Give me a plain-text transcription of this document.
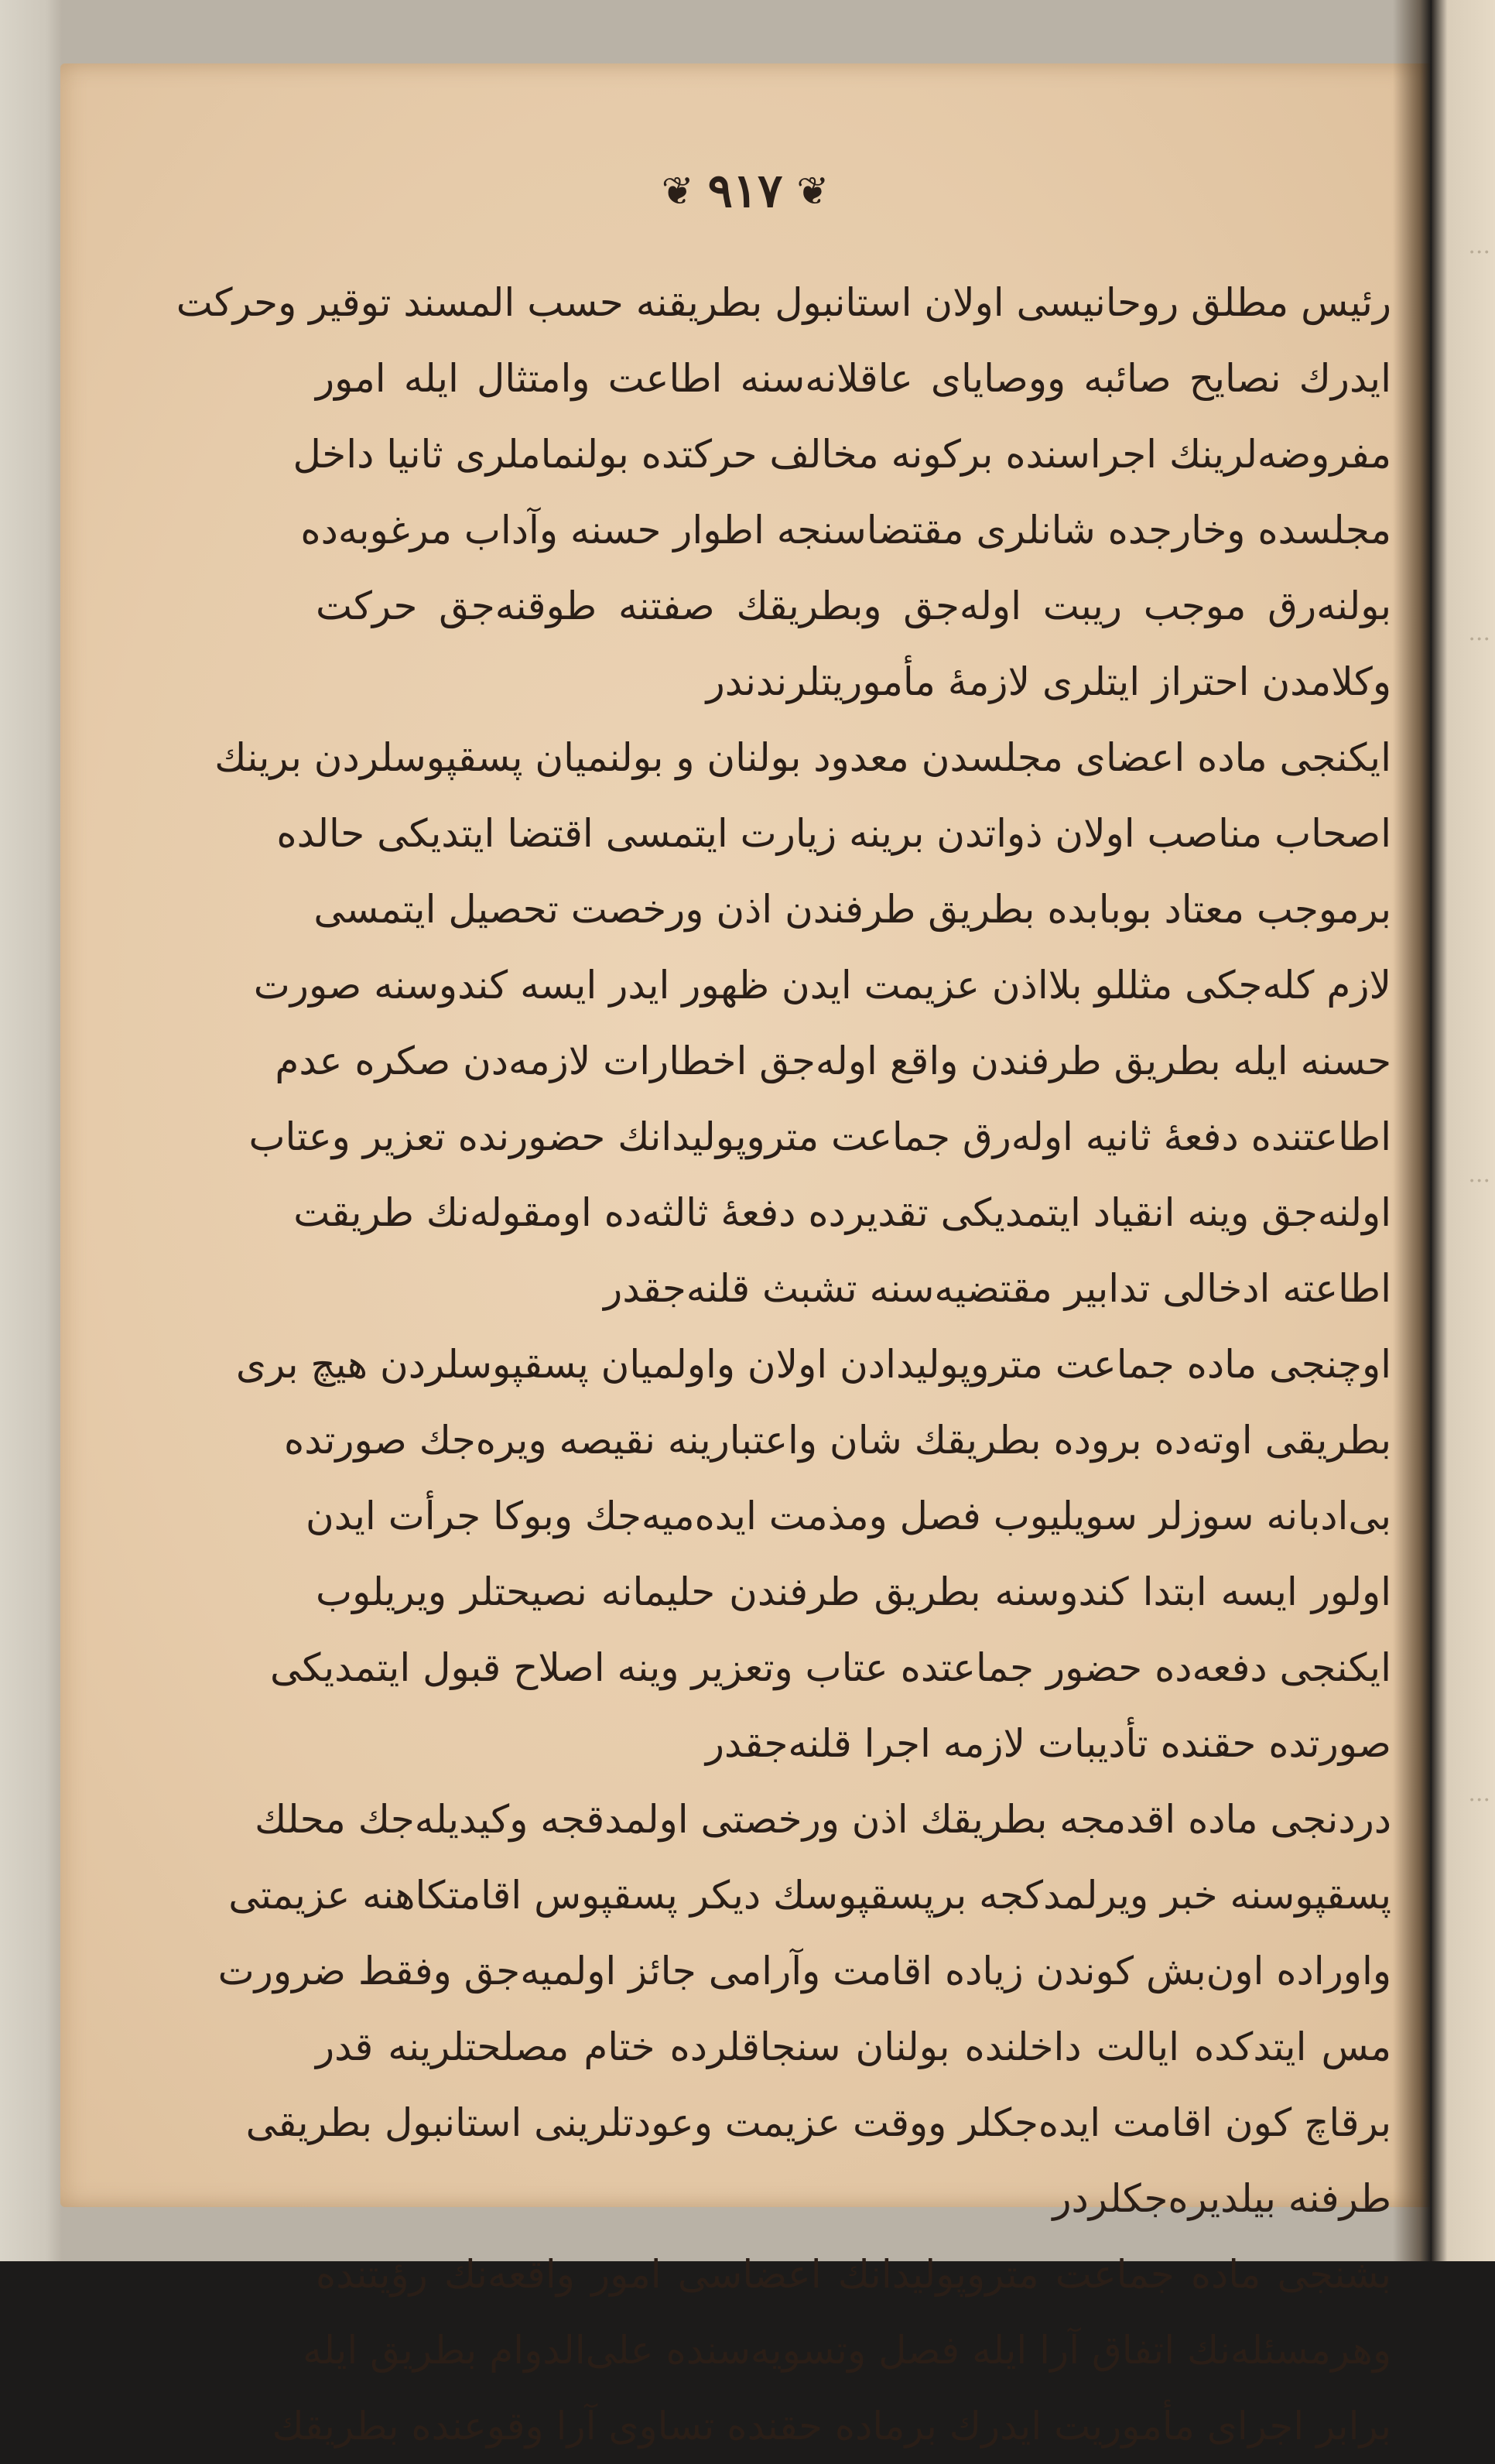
❦ ٩١٧ ❦
رئیس مطلق روحانیسی اولان استانبول بطریقنه حسب المسند توقیر وحرکت
ایدرك نصایح صائبه ووصایای عاقلانه‌سنه اطاعت وامتثال ایله امور
مفروضه‌لرینك اجراسنده برکونه مخالف حرکتده بولنماملری ثانیا داخل
مجلسده وخارجده شانلری مقتضاسنجه اطوار حسنه وآداب مرغوبه‌ده
بولنه‌رق موجب ریبت اوله‌جق وبطریقك صفتنه طوقنه‌جق حرکت
وکلامدن احتراز ایتلری لازمهٔ مأموریتلرندندر
ایکنجی ماده اعضای مجلسدن معدود بولنان و بولنمیان پسقپوسلردن برینك
اصحاب مناصب اولان ذواتدن برینه زیارت ایتمسی اقتضا ایتدیکی حالده
برموجب معتاد بوبابده بطریق طرفندن اذن ورخصت تحصیل ایتمسی
لازم کله‌جکی مثللو بلااذن عزیمت ایدن ظهور ایدر ایسه کندوسنه صورت
حسنه ایله بطریق طرفندن واقع اوله‌جق اخطارات لازمه‌دن صکره عدم
اطاعتنده دفعهٔ ثانیه اوله‌رق جماعت متروپولیدانك حضورنده تعزیر وعتاب
اولنه‌جق وینه انقیاد ایتمدیکی تقدیرده دفعهٔ ثالثه‌ده اومقوله‌نك طریقت
اطاعته ادخالی تدابیر مقتضیه‌سنه تشبث قلنه‌جقدر
اوچنجی ماده جماعت متروپولیدادن اولان واولمیان پسقپوسلردن هیچ بری
بطریقی اوته‌ده بروده بطریقك شان واعتبارینه نقیصه ویره‌جك صورتده
بی‌ادبانه سوزلر سویلیوب فصل ومذمت ایده‌میه‌جك وبوکا جرأت ایدن
اولور ایسه ابتدا کندوسنه بطریق طرفندن حلیمانه نصیحتلر ویریلوب
ایکنجی دفعه‌ده حضور جماعتده عتاب وتعزیر وینه اصلاح قبول ایتمدیکی
صورتده حقنده تأدیبات لازمه اجرا قلنه‌جقدر
دردنجی ماده اقدمجه بطریقك اذن ورخصتی اولمدقجه وکیدیله‌جك محلك
پسقپوسنه خبر ویرلمدکجه برپسقپوسك دیکر پسقپوس اقامتکاهنه عزیمتی
واوراده اون‌بش کوندن زیاده اقامت وآرامی جائز اولمیه‌جق وفقط ضرورت
مس ایتدکده ایالت داخلنده بولنان سنجاقلرده ختام مصلحتلرینه قدر
برقاچ کون اقامت ایده‌جکلر ووقت عزیمت وعودتلرینی استانبول بطریقی
طرفنه بیلدیره‌جکلردر
بشنجی ماده جماعت متروپولیدانك اعضاسی امور واقعه‌نك رؤیتنده
وهرمسئله‌نك اتفاق آرا ایله فصل وتسویه‌سنده علی‌الدوام بطریق ایله
برابر اجرای مأموریت ایدرك برماده حقنده تساوی آرا وقوعنده بطریقك
...
...
...
...
